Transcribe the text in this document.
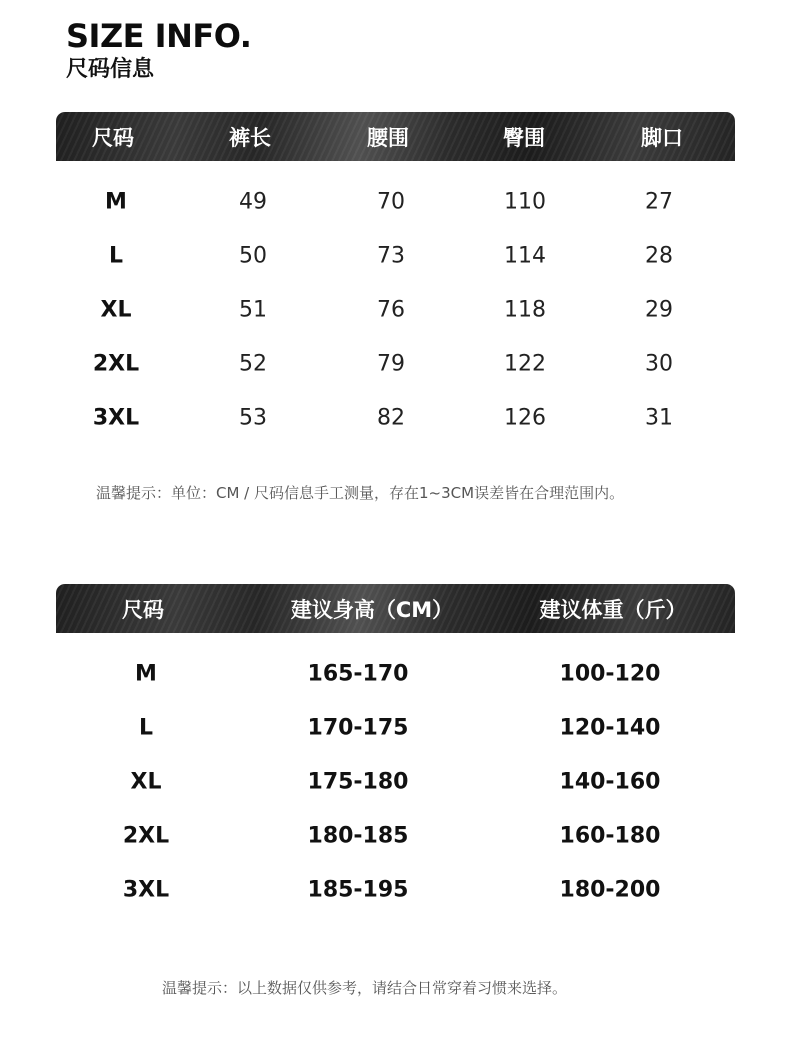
SIZE INFO.
尺码信息
尺码	裤长	腰围	臀围	脚口
M	49	70	110	27
L	50	73	114	28
XL	51	76	118	29
2XL	52	79	122	30
3XL	53	82	126	31
温馨提示：单位：CM / 尺码信息手工测量，存在1~3CM误差皆在合理范围内。
尺码	建议身高（CM）	建议体重（斤）
M	165-170	100-120
L	170-175	120-140
XL	175-180	140-160
2XL	180-185	160-180
3XL	185-195	180-200
温馨提示：以上数据仅供参考，请结合日常穿着习惯来选择。
